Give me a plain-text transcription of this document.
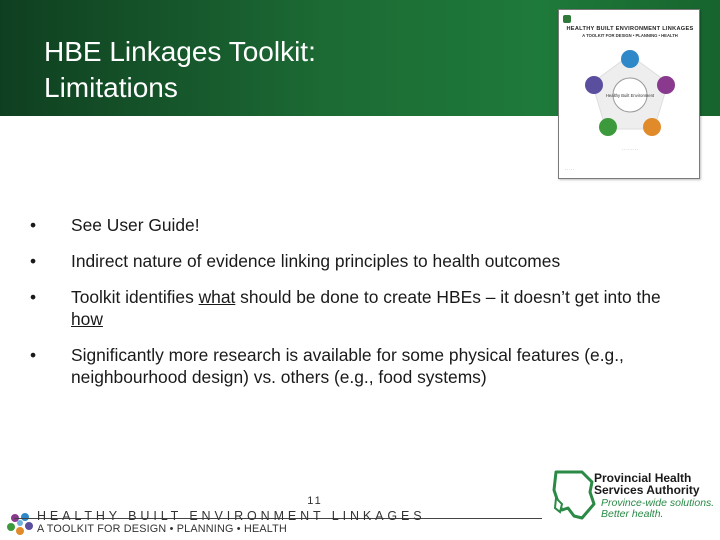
HBE Linkages Toolkit:
Limitations
HEALTHY BUILT ENVIRONMENT LINKAGES
A TOOLKIT FOR DESIGN • PLANNING • HEALTH
Healthy Built Environment
· · · · · · · ·
· · · · ·
• See User Guide!
• Indirect nature of evidence linking principles to health outcomes
• Toolkit identifies what should be done to create HBEs – it doesn’t get into the how
• Significantly more research is available for some physical features (e.g., neighbourhood design) vs. others (e.g., food systems)
11
HEALTHY BUILT ENVIRONMENT LINKAGES
A TOOLKIT FOR DESIGN • PLANNING • HEALTH
Provincial Health
Services Authority
Province-wide solutions.
Better health.
